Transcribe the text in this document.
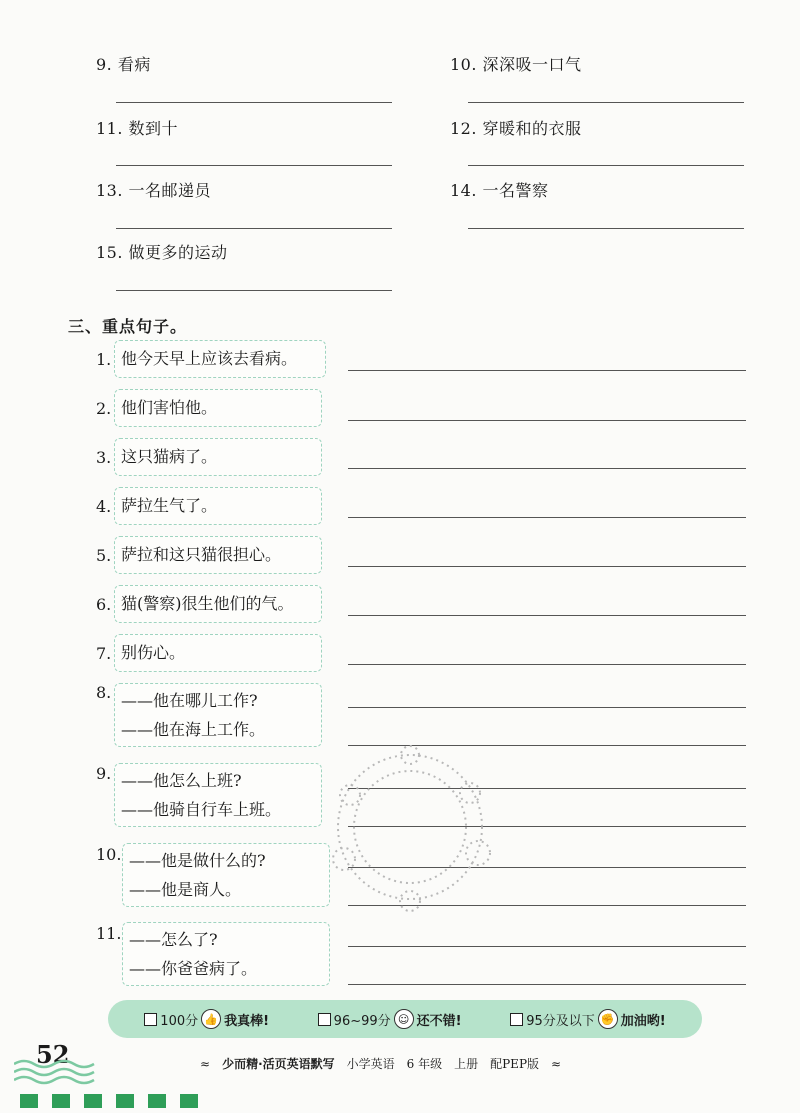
9. 看病	10. 深深吸一口气
11. 数到十	12. 穿暖和的衣服
13. 一名邮递员	14. 一名警察
15. 做更多的运动
三、重点句子。
1. 他今天早上应该去看病。
2. 他们害怕他。
3. 这只猫病了。
4. 萨拉生气了。
5. 萨拉和这只猫很担心。
6. 猫(警察)很生他们的气。
7. 别伤心。
8. ——他在哪儿工作?
——他在海上工作。
9. ——他怎么上班?
——他骑自行车上班。
10. ——他是做什么的?
——他是商人。
11. ——怎么了?
——你爸爸病了。
100分 👍 我真棒!	96~99分 ☺ 还不错!	95分及以下 ✊ 加油哟!
52	≈ 少而精·活页英语默写 小学英语 6 年级 上册 配PEP版 ≈
